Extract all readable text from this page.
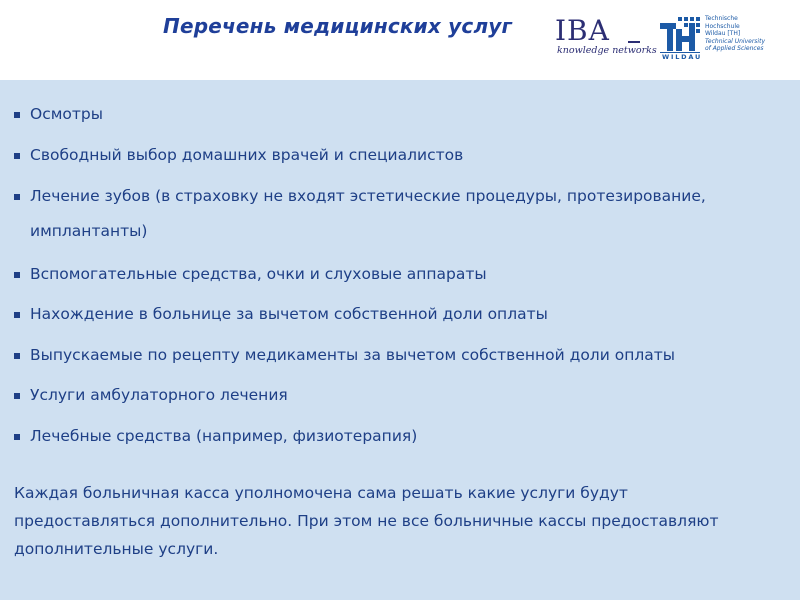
Перечень медицинских услуг IBA
knowledge networks
Technische
Hochschule
Wildau [TH]
Technical University
of Applied Sciences
WILDAU
Осмотры
Свободный выбор домашних врачей и специалистов
Лечение зубов (в страховку не входят эстетические процедуры, протезирование, имплантанты)
Вспомогательные средства, очки и слуховые аппараты
Нахождение в больнице за вычетом собственной доли оплаты
Выпускаемые по рецепту медикаменты за вычетом собственной доли оплаты
Услуги амбулаторного лечения
Лечебные средства (например, физиотерапия)

Каждая больничная касса уполномочена сама решать какие услуги будут предоставляться дополнительно. При этом не все больничные кассы предоставляют дополнительные услуги.
